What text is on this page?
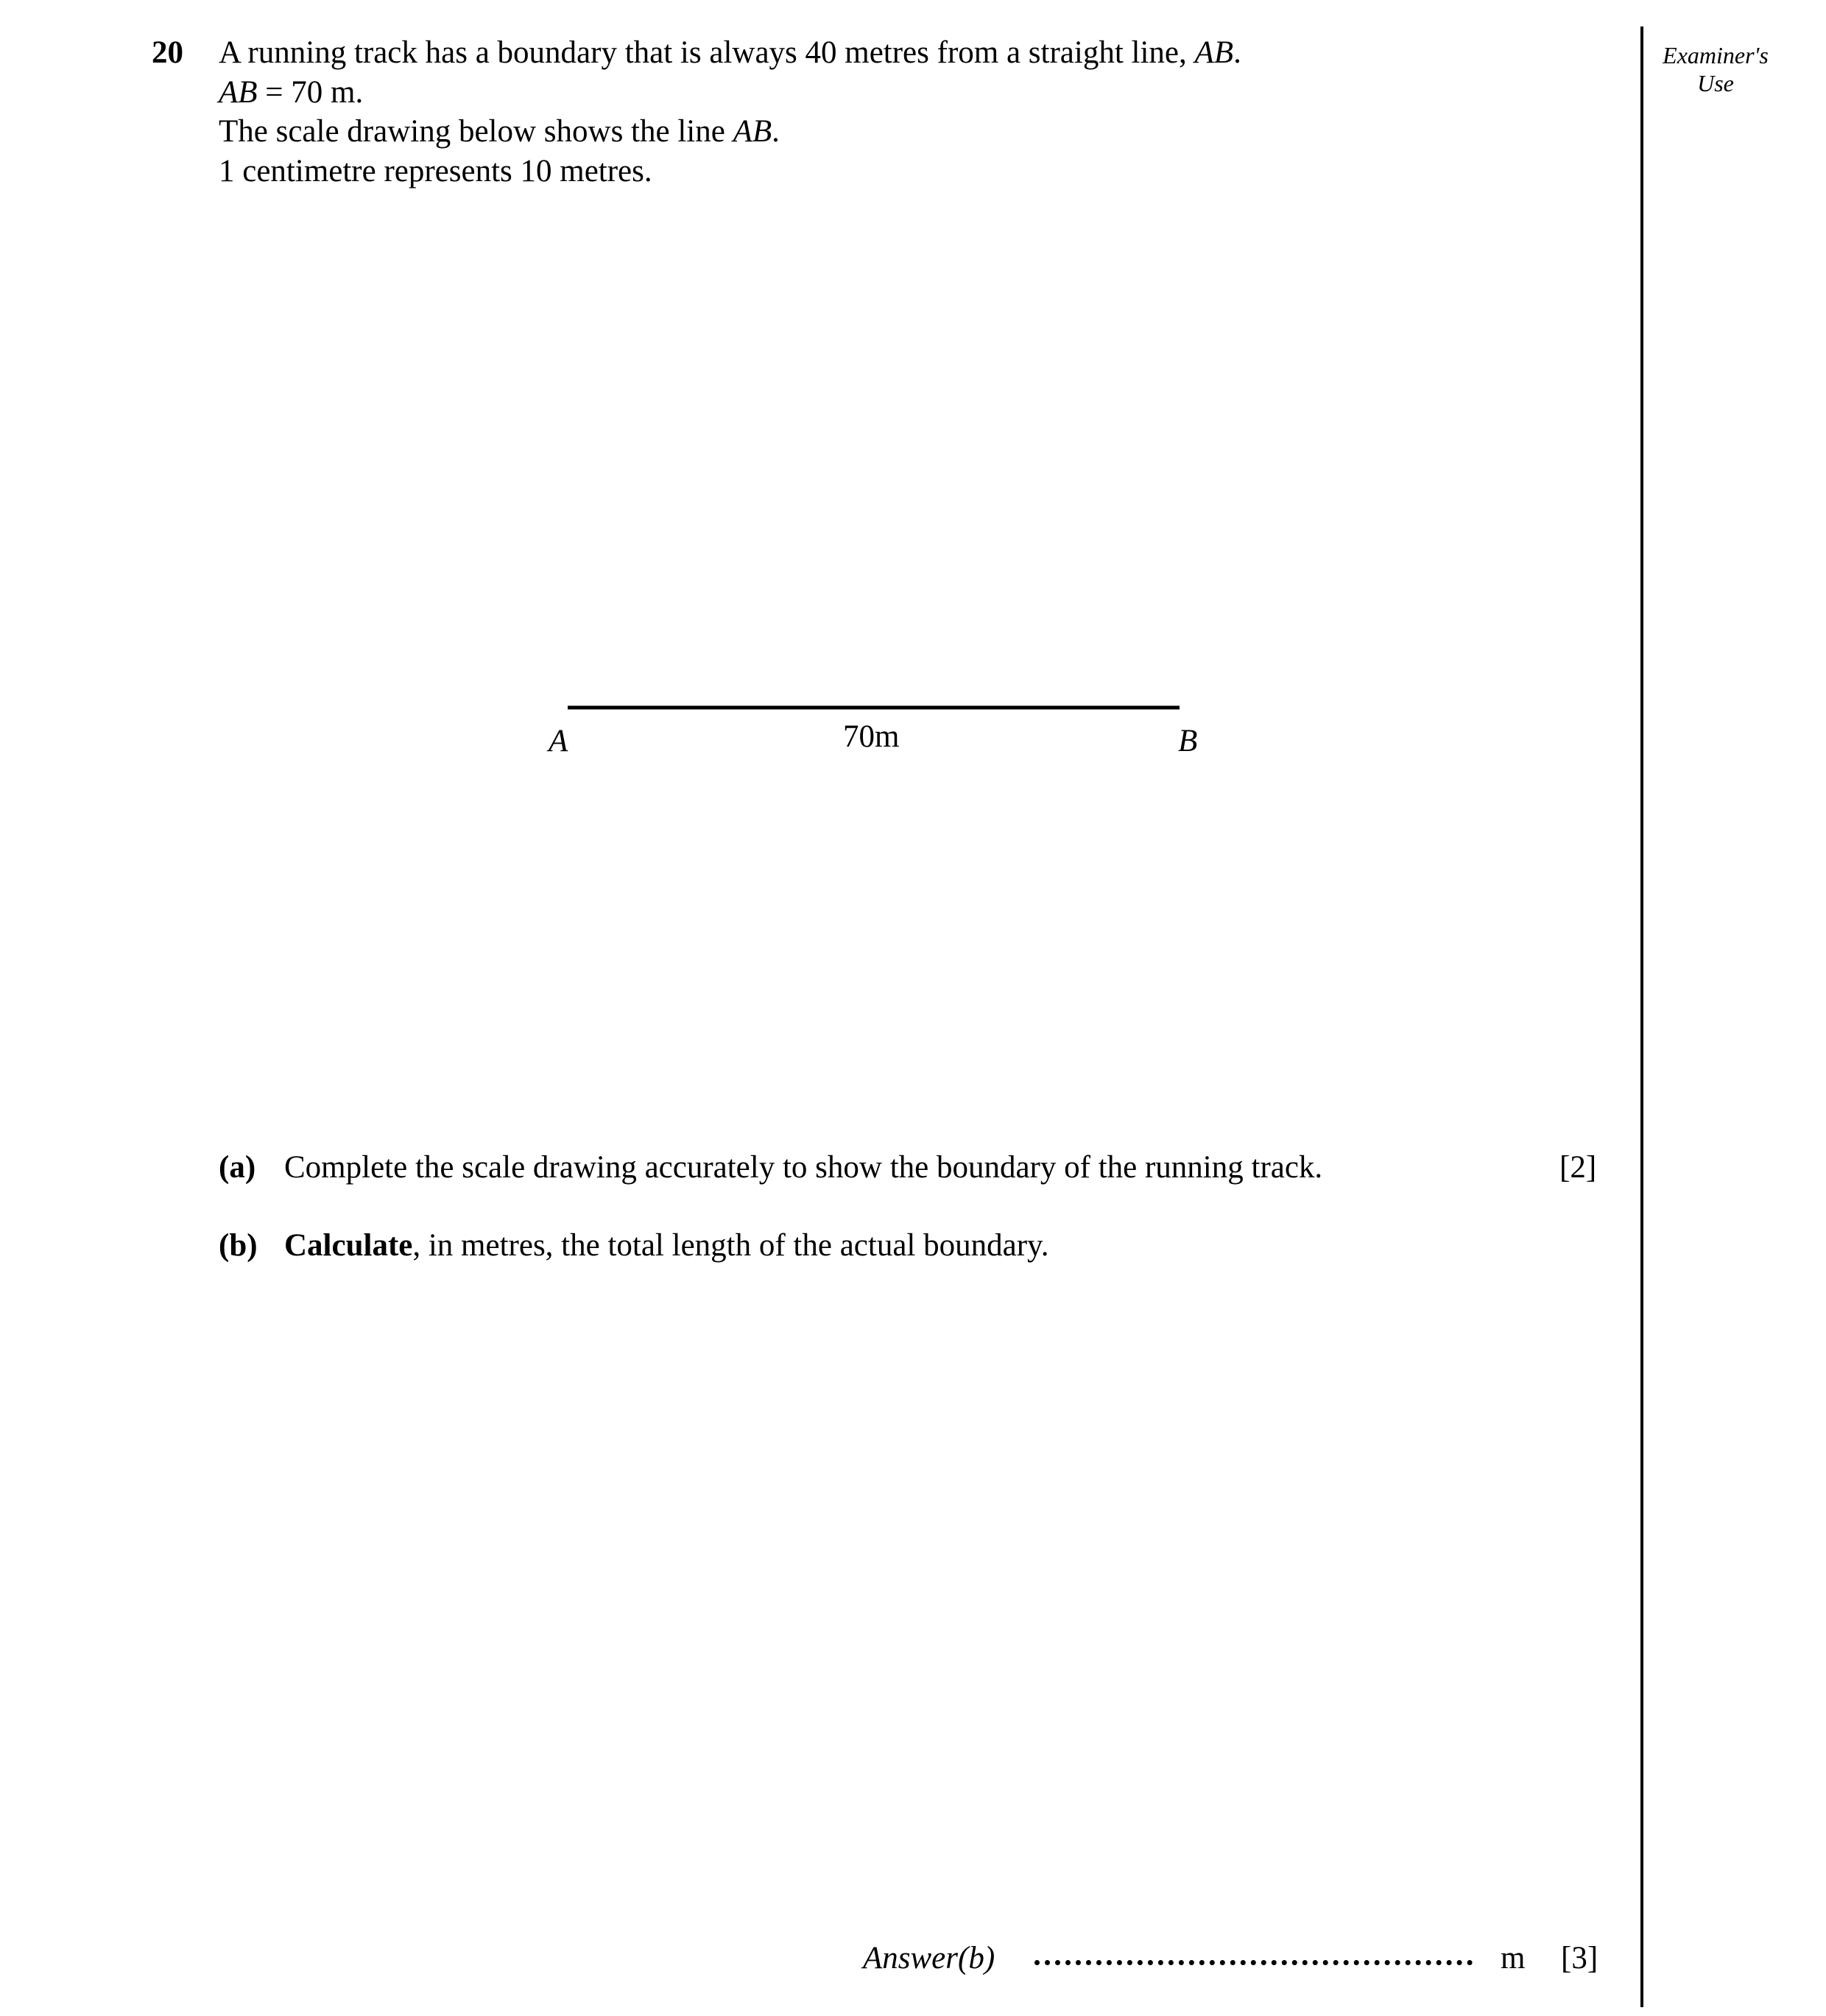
20 A running track has a boundary that is always 40 metres from a straight line, AB.
AB = 70 m.
The scale drawing below shows the line AB.
1 centimetre represents 10 metres.
Examiner's
Use
A	B
70m
(a) Complete the scale drawing accurately to show the boundary of the running track.	[2]
(b) Calculate, in metres, the total length of the actual boundary.
Answer(b)	m [3]
